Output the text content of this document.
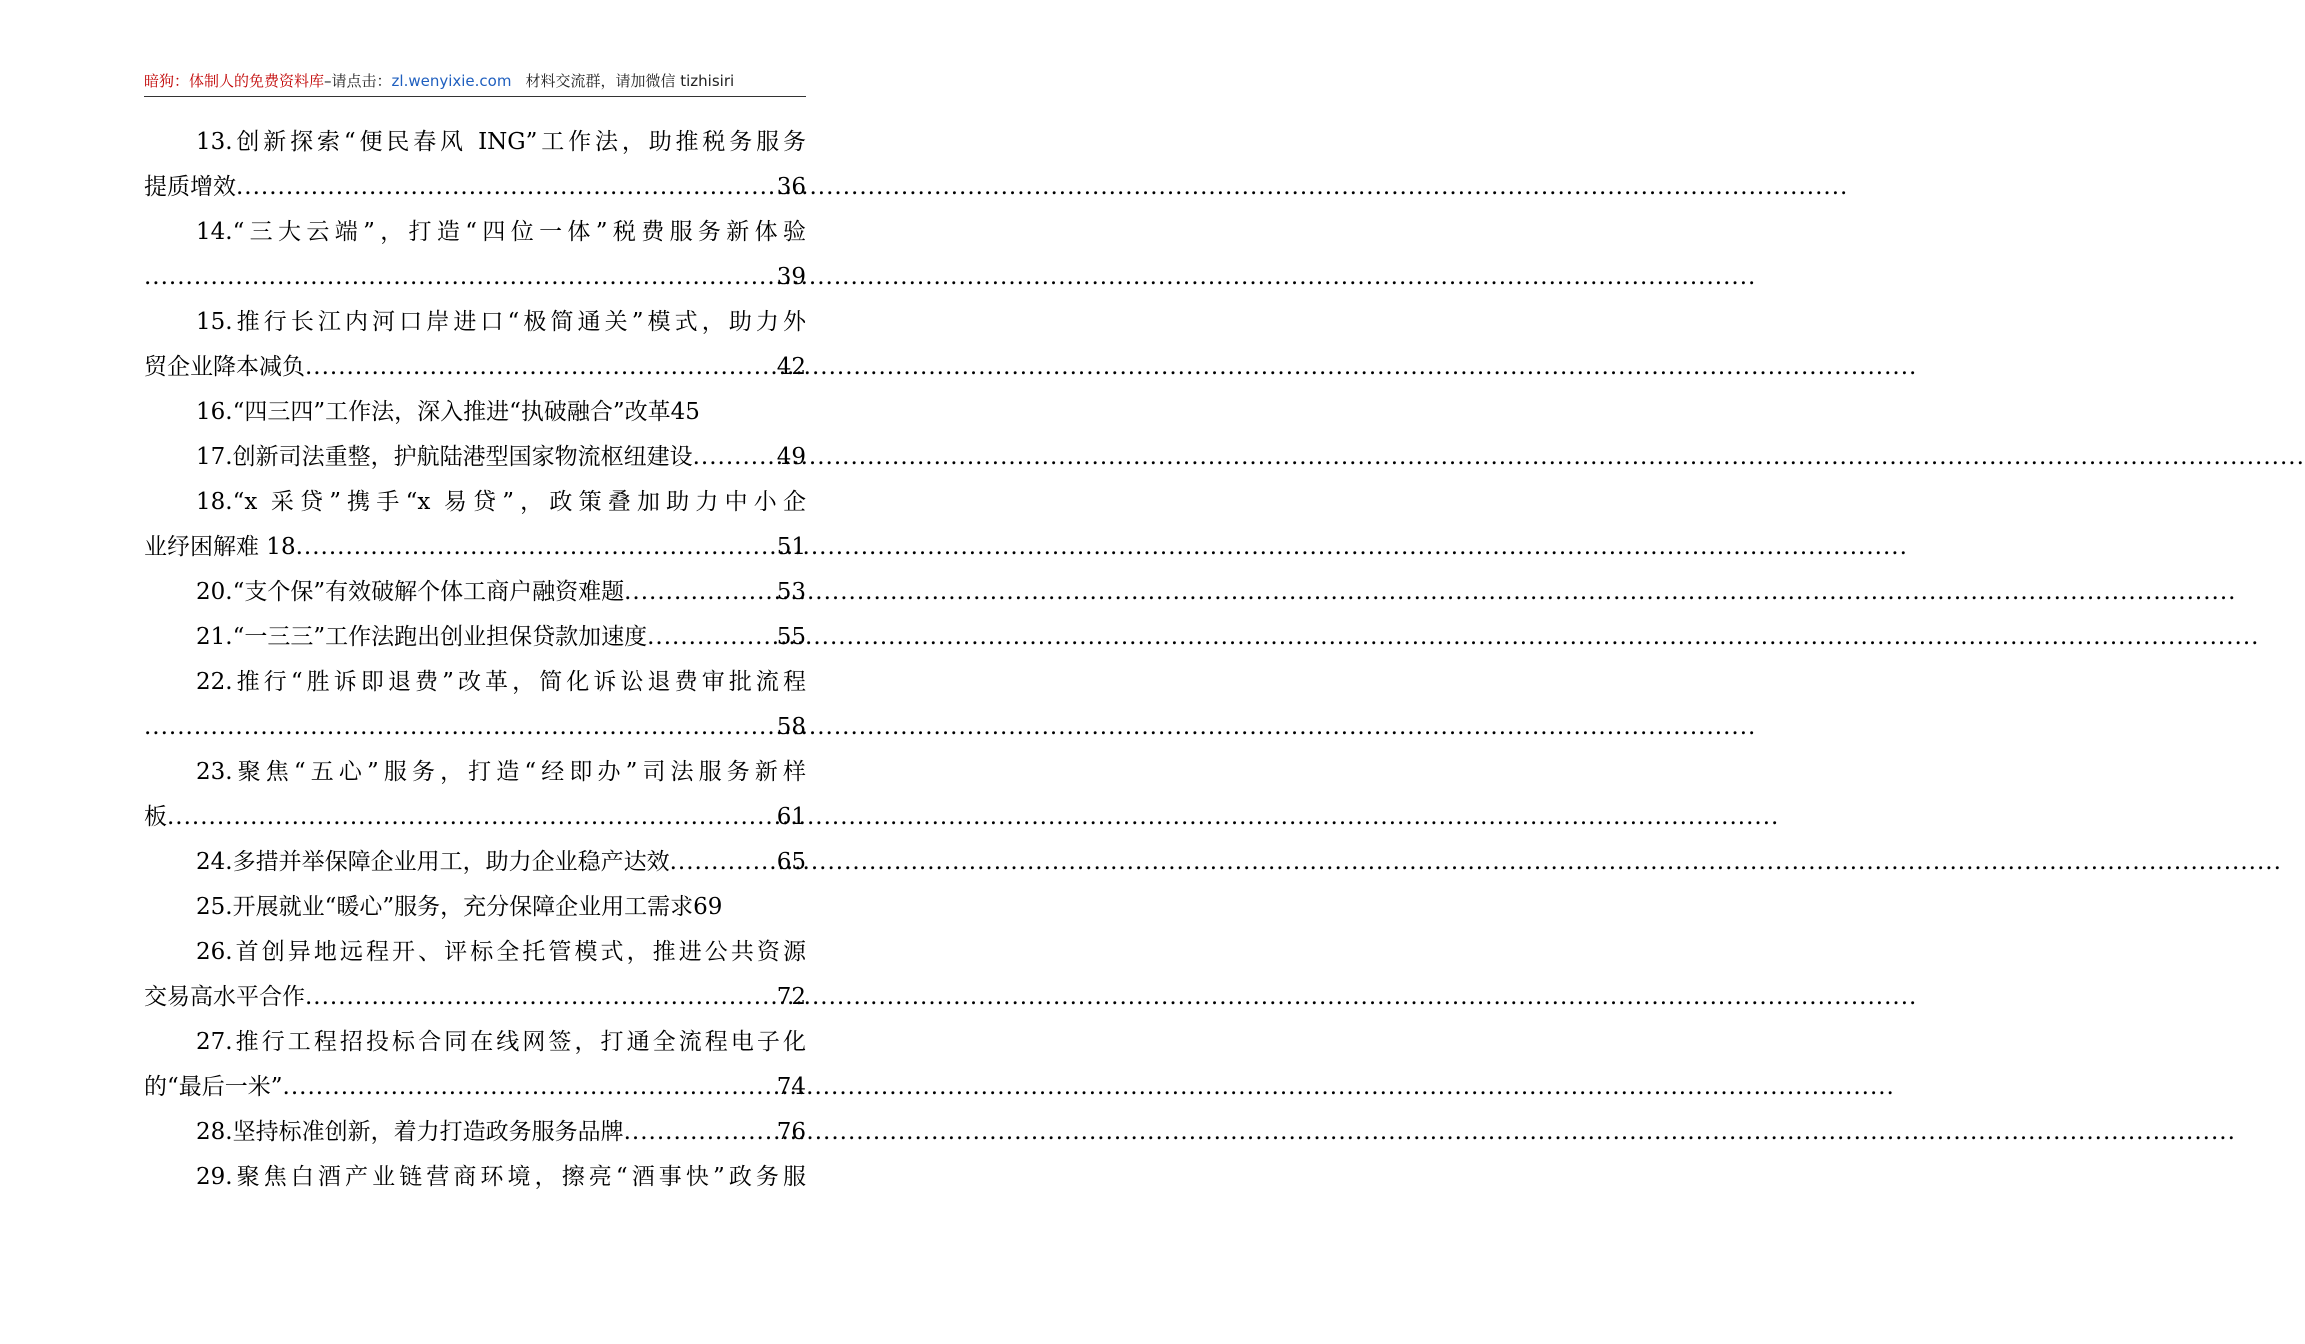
暗狗：体制人的免费资料库–请点击：zl.wenyixie.com 材料交流群，请加微信 tizhisiri
13.创新探索“便民春风 ING”工作法，助推税务服务
提质增效 .....	36
14.“三大云端”，打造“四位一体”税费服务新体验
.....
39
15.推行长江内河口岸进口“极简通关”模式，助力外
贸企业降本减负 .....	42
16.“四三四”工作法，深入推进“执破融合”改革 45
17.创新司法重整，护航陆港型国家物流枢纽建设 .....	49
18.“x 采贷”携手“x 易贷”，政策叠加助力中小企
业纾困解难 18 .....	51
20.“支个保”有效破解个体工商户融资难题 .....	53
21.“一三三”工作法跑出创业担保贷款加速度 .....	55
22.推行“胜诉即退费”改革，简化诉讼退费审批流程
.....
58
23.聚焦“五心”服务，打造“经即办”司法服务新样
板 .....	61
24.多措并举保障企业用工，助力企业稳产达效 .....	65
25.开展就业“暖心”服务，充分保障企业用工需求 69
26.首创异地远程开、评标全托管模式，推进公共资源
交易高水平合作 .....	72
27.推行工程招投标合同在线网签，打通全流程电子化
的“最后一米” .....	74
28.坚持标准创新，着力打造政务服务品牌 .....	76
29.聚焦白酒产业链营商环境，擦亮“酒事快”政务服
